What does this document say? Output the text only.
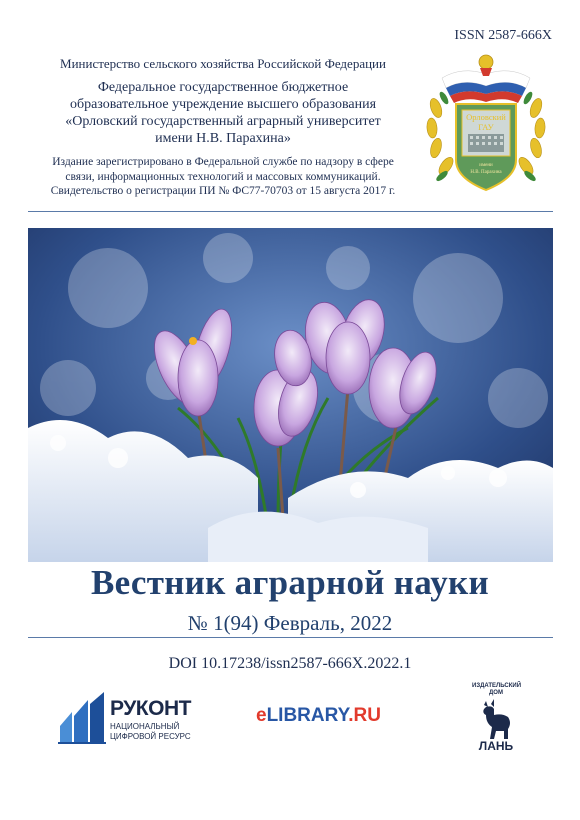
ISSN 2587-666X
Министерство сельского хозяйства Российской Федерации
Федеральное государственное бюджетное
образовательное учреждение высшего образования
«Орловский государственный аграрный университет
имени Н.В. Парахина»
Издание зарегистрировано в Федеральной службе по надзору в сфере
связи, информационных технологий и массовых коммуникаций.
Свидетельство о регистрации ПИ № ФС77-70703 от 15 августа 2017 г.
Орловский
ГАУ
имени
Н.В. Парахина
Вестник аграрной науки
№ 1(94) Февраль, 2022
DOI 10.17238/issn2587-666X.2022.1
РУКОНТ
НАЦИОНАЛЬНЫЙ
ЦИФРОВОЙ РЕСУРС
eLIBRARY.RU
ИЗДАТЕЛЬСКИЙ
ДОМ
ЛАНЬ
